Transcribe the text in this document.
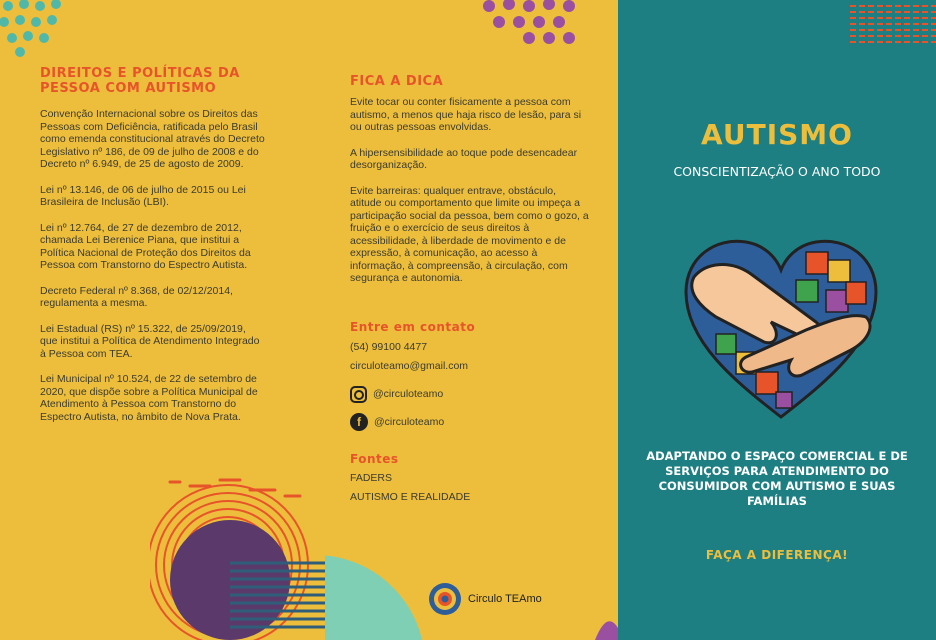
DIREITOS E POLÍTICAS DA PESSOA COM AUTISMO

Convenção Internacional sobre os Direitos das Pessoas com Deficiência, ratificada pelo Brasil como emenda constitucional através do Decreto Legislativo nº 186, de 09 de julho de 2008 e do Decreto nº 6.949, de 25 de agosto de 2009.

Lei nº 13.146, de 06 de julho de 2015 ou Lei Brasileira de Inclusão (LBI).

Lei nº 12.764, de 27 de dezembro de 2012, chamada Lei Berenice Piana, que institui a Política Nacional de Proteção dos Direitos da Pessoa com Transtorno do Espectro Autista.

Decreto Federal nº 8.368, de 02/12/2014, regulamenta a mesma.

Lei Estadual (RS) nº 15.322, de 25/09/2019, que institui a Política de Atendimento Integrado à Pessoa com TEA.

Lei Municipal nº 10.524, de 22 de setembro de 2020, que dispõe sobre a Política Municipal de Atendimento à Pessoa com Transtorno do Espectro Autista, no âmbito de Nova Prata.

FICA A DICA

Evite tocar ou conter fisicamente a pessoa com autismo, a menos que haja risco de lesão, para si ou outras pessoas envolvidas.

A hipersensibilidade ao toque pode desencadear desorganização.

Evite barreiras: qualquer entrave, obstáculo, atitude ou comportamento que limite ou impeça a participação social da pessoa, bem como o gozo, a fruição e o exercício de seus direitos à acessibilidade, à liberdade de movimento e de expressão, à comunicação, ao acesso à informação, à compreensão, à circulação, com segurança e autonomia.

Entre em contato
(54) 99100 4477
circuloteamo@gmail.com
@circuloteamo
f	@circuloteamo
Fontes
FADERS
AUTISMO E REALIDADE
Circulo TEAmo
AUTISMO
CONSCIENTIZAÇÃO O ANO TODO
ADAPTANDO O ESPAÇO COMERCIAL E DE SERVIÇOS PARA ATENDIMENTO DO CONSUMIDOR COM AUTISMO E SUAS FAMÍLIAS
FAÇA A DIFERENÇA!
